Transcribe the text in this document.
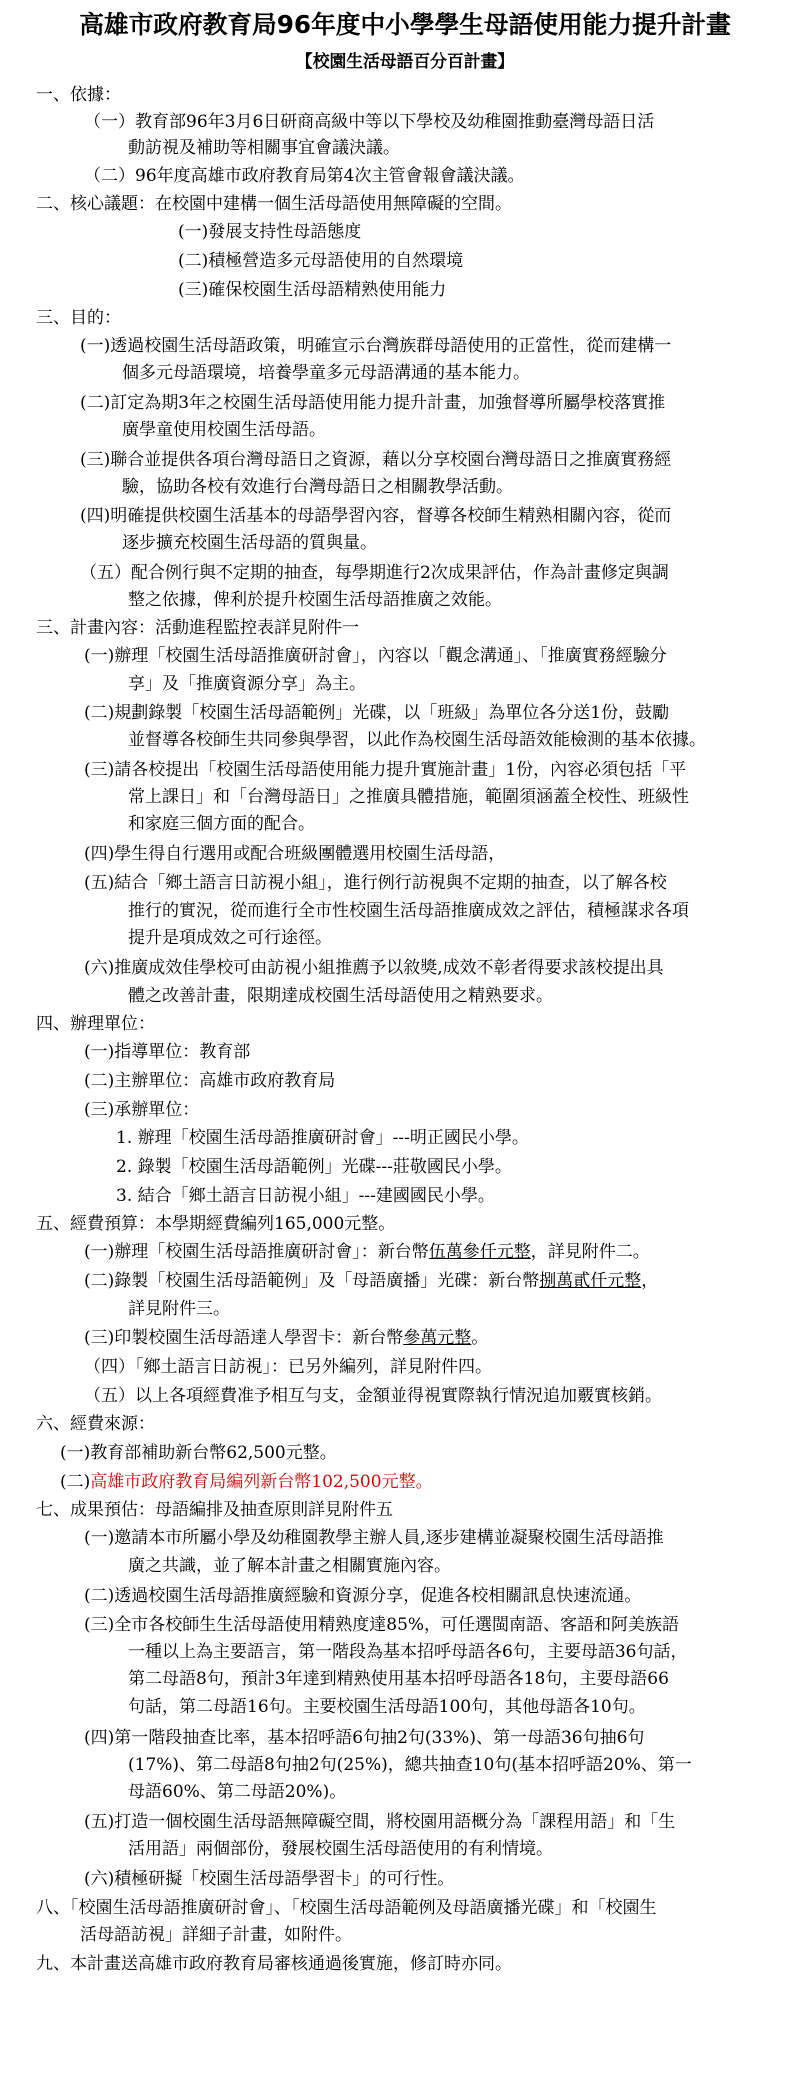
高雄市政府教育局96年度中小學學生母語使用能力提升計畫
【校園生活母語百分百計畫】
一、依據：
（一）教育部96年3月6日研商高級中等以下學校及幼稚園推動臺灣母語日活
動訪視及補助等相關事宜會議決議。
（二）96年度高雄市政府教育局第4次主管會報會議決議。
二、核心議題：在校園中建構一個生活母語使用無障礙的空間。
(一)發展支持性母語態度
(二)積極營造多元母語使用的自然環境
(三)確保校園生活母語精熟使用能力
三、目的：
(一)透過校園生活母語政策，明確宣示台灣族群母語使用的正當性，從而建構一
個多元母語環境，培養學童多元母語溝通的基本能力。
(二)訂定為期3年之校園生活母語使用能力提升計畫，加強督導所屬學校落實推
廣學童使用校園生活母語。
(三)聯合並提供各項台灣母語日之資源，藉以分享校園台灣母語日之推廣實務經
驗，協助各校有效進行台灣母語日之相關教學活動。
(四)明確提供校園生活基本的母語學習內容，督導各校師生精熟相關內容，從而
逐步擴充校園生活母語的質與量。
（五）配合例行與不定期的抽查，每學期進行2次成果評估，作為計畫修定與調
整之依據，俾利於提升校園生活母語推廣之效能。
三、計畫內容：活動進程監控表詳見附件一
(一)辦理「校園生活母語推廣研討會」，內容以「觀念溝通」、「推廣實務經驗分
享」及「推廣資源分享」為主。
(二)規劃錄製「校園生活母語範例」光碟，以「班級」為單位各分送1份，鼓勵
並督導各校師生共同參與學習，以此作為校園生活母語效能檢測的基本依據。
(三)請各校提出「校園生活母語使用能力提升實施計畫」1份，內容必須包括「平
常上課日」和「台灣母語日」之推廣具體措施，範圍須涵蓋全校性、班級性
和家庭三個方面的配合。
(四)學生得自行選用或配合班級團體選用校園生活母語，
(五)結合「鄉土語言日訪視小組」，進行例行訪視與不定期的抽查，以了解各校
推行的實況，從而進行全市性校園生活母語推廣成效之評估，積極謀求各項
提升是項成效之可行途徑。
(六)推廣成效佳學校可由訪視小組推薦予以敘獎,成效不彰者得要求該校提出具
體之改善計畫，限期達成校園生活母語使用之精熟要求。
四、辦理單位：
(一)指導單位：教育部
(二)主辦單位：高雄市政府教育局
(三)承辦單位：
1. 辦理「校園生活母語推廣研討會」---明正國民小學。
2. 錄製「校園生活母語範例」光碟---莊敬國民小學。
3. 結合「鄉土語言日訪視小組」---建國國民小學。
五、經費預算：本學期經費編列165,000元整。
(一)辦理「校園生活母語推廣研討會」：新台幣伍萬參仟元整，詳見附件二。
(二)錄製「校園生活母語範例」及「母語廣播」光碟：新台幣捌萬貳仟元整，
詳見附件三。
(三)印製校園生活母語達人學習卡：新台幣參萬元整。
（四）「鄉土語言日訪視」：已另外編列，詳見附件四。
（五）以上各項經費准予相互勻支，金額並得視實際執行情況追加覈實核銷。
六、經費來源：
(一)教育部補助新台幣62,500元整。
(二)高雄市政府教育局編列新台幣102,500元整。
七、成果預估：母語編排及抽查原則詳見附件五
(一)邀請本市所屬小學及幼稚園教學主辦人員,逐步建構並凝聚校園生活母語推
廣之共識，並了解本計畫之相關實施內容。
(二)透過校園生活母語推廣經驗和資源分享，促進各校相關訊息快速流通。
(三)全市各校師生生活母語使用精熟度達85%，可任選閩南語、客語和阿美族語
一種以上為主要語言，第一階段為基本招呼母語各6句，主要母語36句話，
第二母語8句，預計3年達到精熟使用基本招呼母語各18句，主要母語66
句話，第二母語16句。主要校園生活母語100句，其他母語各10句。
(四)第一階段抽查比率，基本招呼語6句抽2句(33%)、第一母語36句抽6句
(17%)、第二母語8句抽2句(25%)，總共抽查10句(基本招呼語20%、第一
母語60%、第二母語20%)。
(五)打造一個校園生活母語無障礙空間，將校園用語概分為「課程用語」和「生
活用語」兩個部份，發展校園生活母語使用的有利情境。
(六)積極研擬「校園生活母語學習卡」的可行性。
八、「校園生活母語推廣研討會」、「校園生活母語範例及母語廣播光碟」和「校園生
活母語訪視」詳細子計畫，如附件。
九、本計畫送高雄市政府教育局審核通過後實施，修訂時亦同。
